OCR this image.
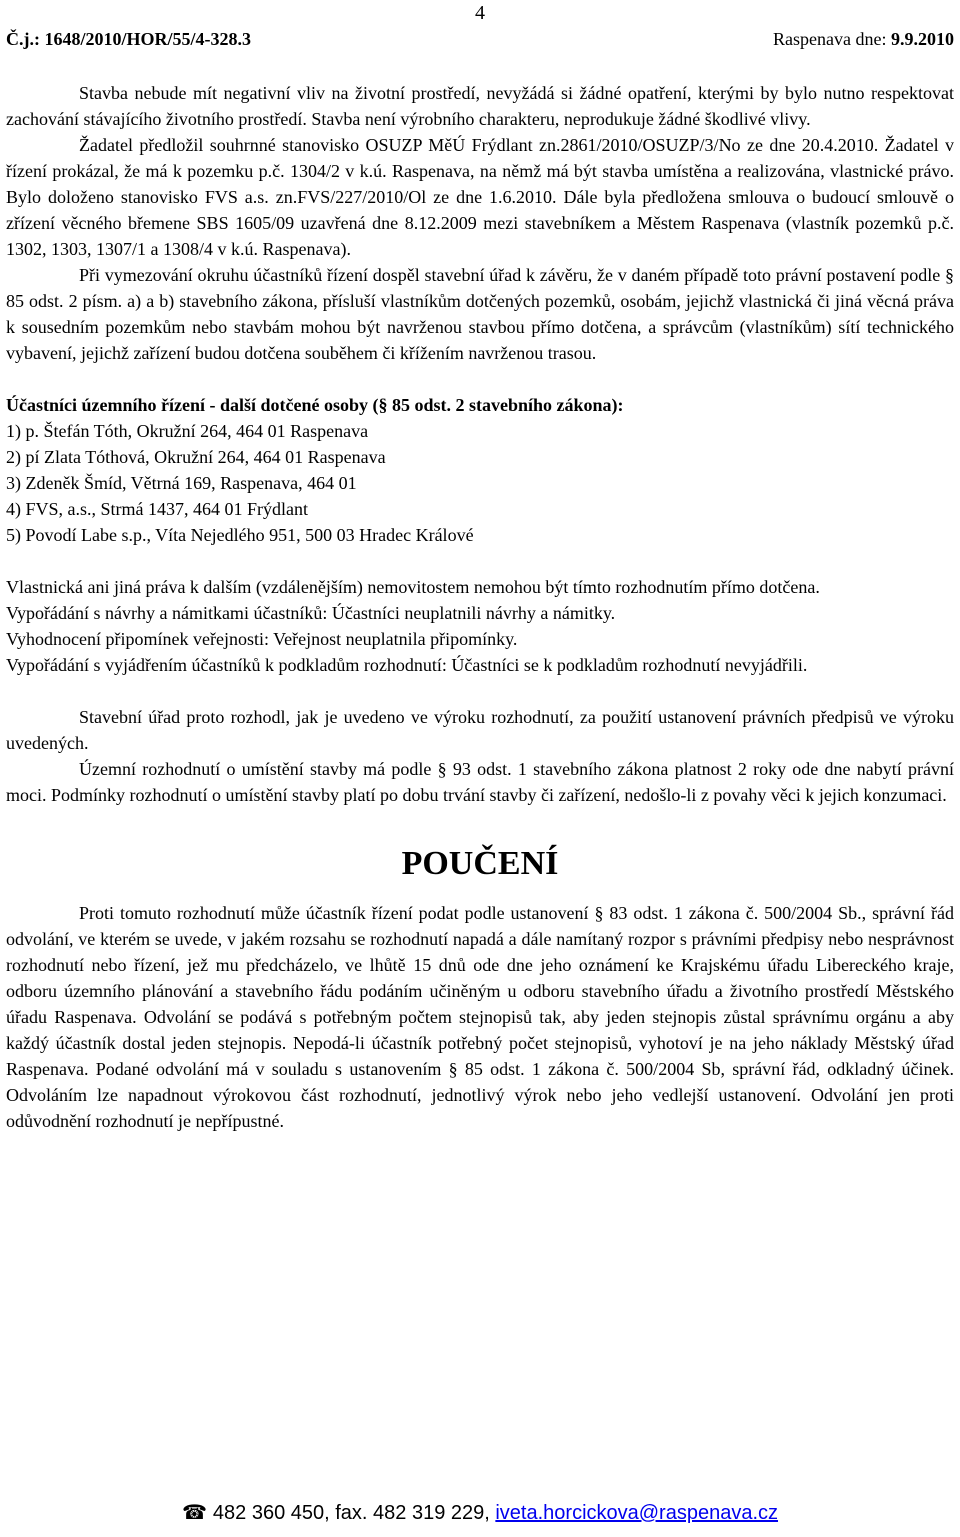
4
Č.j.: 1648/2010/HOR/55/4-328.3	Raspenava dne: 9.9.2010

Stavba nebude mít negativní vliv na životní prostředí, nevyžádá si žádné opatření, kterými by bylo nutno respektovat zachování stávajícího životního prostředí. Stavba není výrobního charakteru, neprodukuje žádné škodlivé vlivy.

Žadatel předložil souhrnné stanovisko OSUZP MěÚ Frýdlant zn.2861/2010/OSUZP/3/No ze dne 20.4.2010. Žadatel v řízení prokázal, že má k pozemku p.č. 1304/2 v k.ú. Raspenava, na němž má být stavba umístěna a realizována, vlastnické právo. Bylo doloženo stanovisko FVS a.s. zn.FVS/227/2010/Ol ze dne 1.6.2010. Dále byla předložena smlouva o budoucí smlouvě o zřízení věcného břemene SBS 1605/09 uzavřená dne 8.12.2009 mezi stavebníkem a Městem Raspenava (vlastník pozemků p.č. 1302, 1303, 1307/1 a 1308/4 v k.ú. Raspenava).

Při vymezování okruhu účastníků řízení dospěl stavební úřad k závěru, že v daném případě toto právní postavení podle § 85 odst. 2 písm. a) a b) stavebního zákona, přísluší vlastníkům dotčených pozemků, osobám, jejichž vlastnická či jiná věcná práva k sousedním pozemkům nebo stavbám mohou být navrženou stavbou přímo dotčena, a správcům (vlastníkům) sítí technického vybavení, jejichž zařízení budou dotčena souběhem či křížením navrženou trasou.

Účastníci územního řízení - další dotčené osoby (§ 85 odst. 2 stavebního zákona):

1) p. Štefán Tóth, Okružní 264, 464 01 Raspenava
2) pí Zlata Tóthová, Okružní 264, 464 01 Raspenava
3) Zdeněk Šmíd, Větrná 169, Raspenava, 464 01
4) FVS, a.s., Strmá 1437, 464 01 Frýdlant
5) Povodí Labe s.p., Víta Nejedlého 951, 500 03 Hradec Králové

Vlastnická ani jiná práva k dalším (vzdálenějším) nemovitostem nemohou být tímto rozhodnutím přímo dotčena.

Vypořádání s návrhy a námitkami účastníků: Účastníci neuplatnili návrhy a námitky.

Vyhodnocení připomínek veřejnosti: Veřejnost neuplatnila připomínky.

Vypořádání s vyjádřením účastníků k podkladům rozhodnutí: Účastníci se k podkladům rozhodnutí nevyjádřili.

Stavební úřad proto rozhodl, jak je uvedeno ve výroku rozhodnutí, za použití ustanovení právních předpisů ve výroku uvedených.

Územní rozhodnutí o umístění stavby má podle § 93 odst. 1 stavebního zákona platnost 2 roky ode dne nabytí právní moci. Podmínky rozhodnutí o umístění stavby platí po dobu trvání stavby či zařízení, nedošlo-li z povahy věci k jejich konzumaci.

POUČENÍ

Proti tomuto rozhodnutí může účastník řízení podat podle ustanovení § 83 odst. 1 zákona č. 500/2004 Sb., správní řád odvolání, ve kterém se uvede, v jakém rozsahu se rozhodnutí napadá a dále namítaný rozpor s právními předpisy nebo nesprávnost rozhodnutí nebo řízení, jež mu předcházelo, ve lhůtě 15 dnů ode dne jeho oznámení ke Krajskému úřadu Libereckého kraje, odboru územního plánování a stavebního řádu podáním učiněným u odboru stavebního úřadu a životního prostředí Městského úřadu Raspenava. Odvolání se podává s potřebným počtem stejnopisů tak, aby jeden stejnopis zůstal správnímu orgánu a aby každý účastník dostal jeden stejnopis. Nepodá-li účastník potřebný počet stejnopisů, vyhotoví je na jeho náklady Městský úřad Raspenava. Podané odvolání má v souladu s ustanovením § 85 odst. 1 zákona č. 500/2004 Sb, správní řád, odkladný účinek. Odvoláním lze napadnout výrokovou část rozhodnutí, jednotlivý výrok nebo jeho vedlejší ustanovení. Odvolání jen proti odůvodnění rozhodnutí je nepřípustné.

☎ 482 360 450, fax. 482 319 229, iveta.horcickova@raspenava.cz
